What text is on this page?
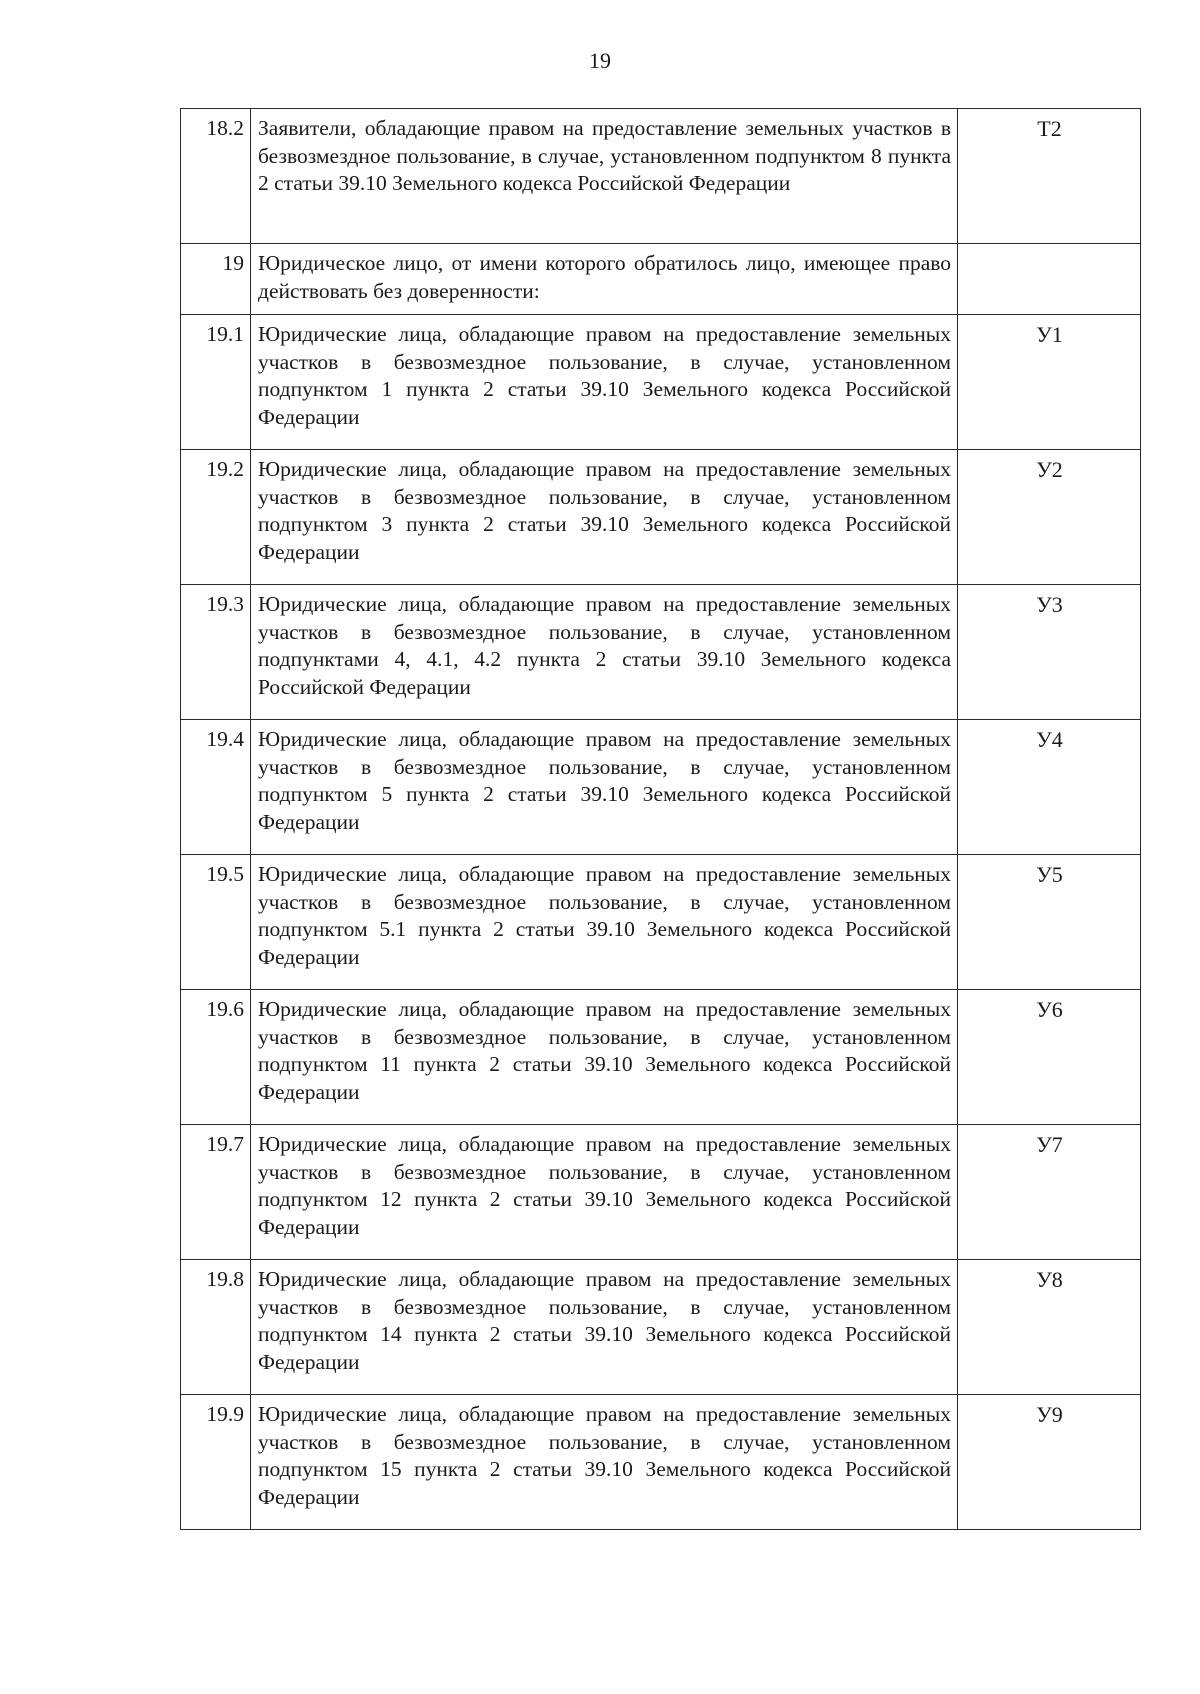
19
18.2	Заявители, обладающие правом на предоставление земельных участков в безвозмездное пользование, в случае, установленном подпунктом 8 пункта 2 статьи 39.10 Земельного кодекса Российской Федерации	Т2
19	Юридическое лицо, от имени которого обратилось лицо, имеющее право действовать без доверенности:	
19.1	Юридические лица, обладающие правом на предоставление земельных участков в безвозмездное пользование, в случае, установленном подпунктом 1 пункта 2 статьи 39.10 Земельного кодекса Российской Федерации	У1
19.2	Юридические лица, обладающие правом на предоставление земельных участков в безвозмездное пользование, в случае, установленном подпунктом 3 пункта 2 статьи 39.10 Земельного кодекса Российской Федерации	У2
19.3	Юридические лица, обладающие правом на предоставление земельных участков в безвозмездное пользование, в случае, установленном подпунктами 4, 4.1, 4.2 пункта 2 статьи 39.10 Земельного кодекса Российской Федерации	У3
19.4	Юридические лица, обладающие правом на предоставление земельных участков в безвозмездное пользование, в случае, установленном подпунктом 5 пункта 2 статьи 39.10 Земельного кодекса Российской Федерации	У4
19.5	Юридические лица, обладающие правом на предоставление земельных участков в безвозмездное пользование, в случае, установленном подпунктом 5.1 пункта 2 статьи 39.10 Земельного кодекса Российской Федерации	У5
19.6	Юридические лица, обладающие правом на предоставление земельных участков в безвозмездное пользование, в случае, установленном подпунктом 11 пункта 2 статьи 39.10 Земельного кодекса Российской Федерации	У6
19.7	Юридические лица, обладающие правом на предоставление земельных участков в безвозмездное пользование, в случае, установленном подпунктом 12 пункта 2 статьи 39.10 Земельного кодекса Российской Федерации	У7
19.8	Юридические лица, обладающие правом на предоставление земельных участков в безвозмездное пользование, в случае, установленном подпунктом 14 пункта 2 статьи 39.10 Земельного кодекса Российской Федерации	У8
19.9	Юридические лица, обладающие правом на предоставление земельных участков в безвозмездное пользование, в случае, установленном подпунктом 15 пункта 2 статьи 39.10 Земельного кодекса Российской Федерации	У9
